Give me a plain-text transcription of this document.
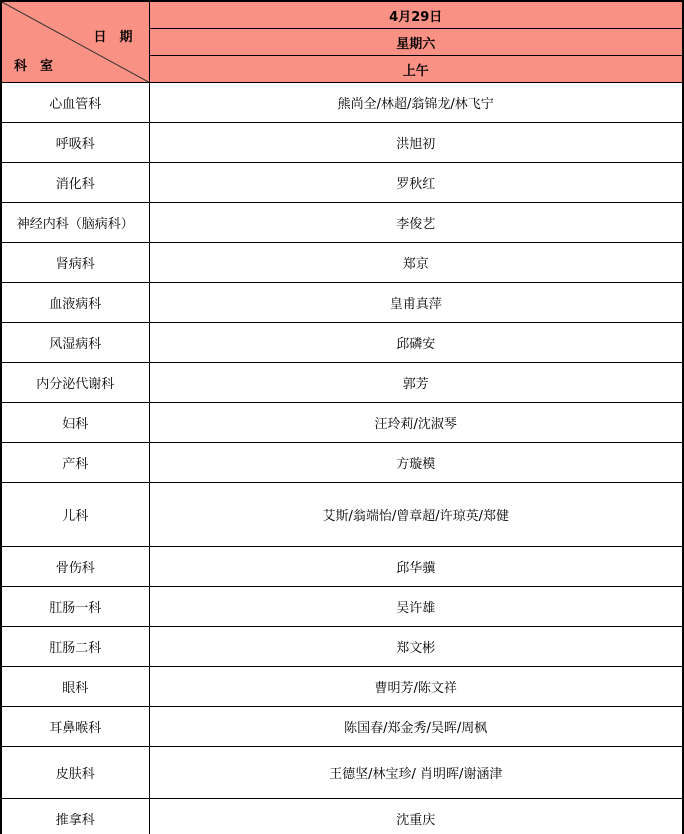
日　期
科　室	4月29日
	星期六
	上午
心血管科	熊尚全/林超/翁锦龙/林飞宁
呼吸科	洪旭初
消化科	罗秋红
神经内科（脑病科）	李俊艺
肾病科	郑京
血液病科	皇甫真萍
风湿病科	邱磷安
内分泌代谢科	郭芳
妇科	汪玲莉/沈淑琴
产科	方璇模
儿科	艾斯/翁端怡/曾章超/许琼英/郑健
骨伤科	邱华骥
肛肠一科	吴许雄
肛肠二科	郑文彬
眼科	曹明芳/陈文祥
耳鼻喉科	陈国春/郑金秀/吴晖/周枫
皮肤科	王德坚/林宝珍/ 肖明晖/谢涵津
推拿科	沈重庆
